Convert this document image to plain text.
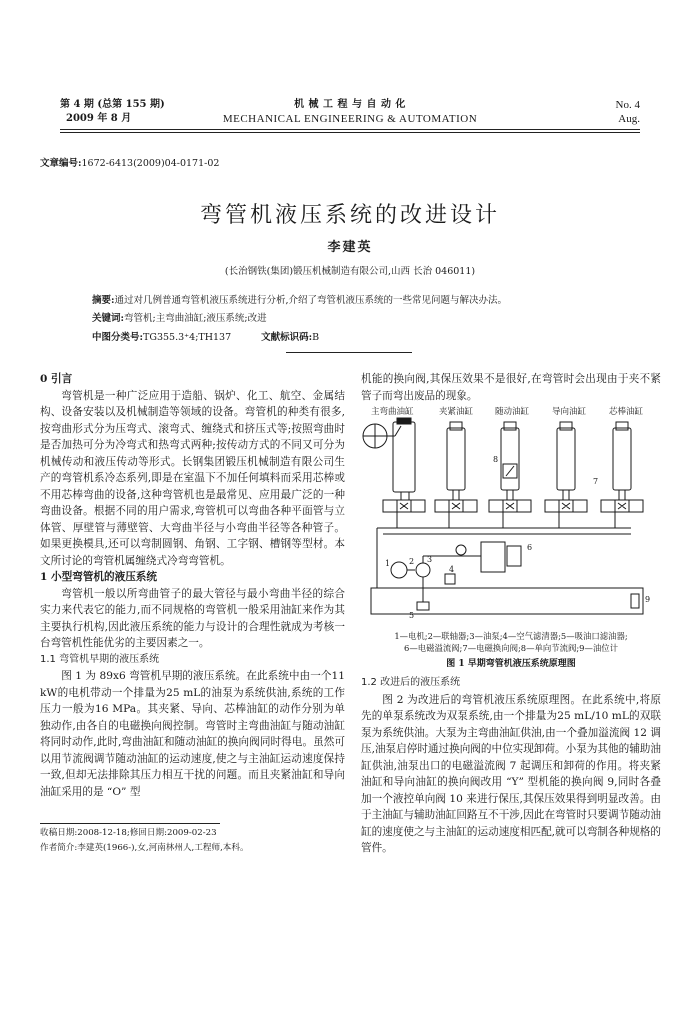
第 4 期 (总第 155 期)
2009 年 8 月
机 械 工 程 与 自 动 化
MECHANICAL ENGINEERING & AUTOMATION
No. 4
Aug.
文章编号:1672-6413(2009)04-0171-02
弯管机液压系统的改进设计
李建英
(长治钢铁(集团)锻压机械制造有限公司,山西 长治 046011)
摘要:通过对几例普通弯管机液压系统进行分析,介绍了弯管机液压系统的一些常见问题与解决办法。
关键词:弯管机;主弯曲油缸;液压系统;改进
中图分类号:TG355.3⁺4;TH137	文献标识码:B
0 引言

弯管机是一种广泛应用于造船、锅炉、化工、航空、金属结构、设备安装以及机械制造等领域的设备。弯管机的种类有很多,按弯曲形式分为压弯式、滚弯式、缠绕式和挤压式等;按照弯曲时是否加热可分为冷弯式和热弯式两种;按传动方式的不同又可分为机械传动和液压传动等形式。长钢集团锻压机械制造有限公司生产的弯管机系冷态系列,即是在室温下不加任何填料而采用芯棒或不用芯棒弯曲的设备,这种弯管机也是最常见、应用最广泛的一种弯曲设备。根据不同的用户需求,弯管机可以弯曲各种平面管与立体管、厚壁管与薄壁管、大弯曲半径与小弯曲半径等各种管子。如果更换模具,还可以弯制圆钢、角钢、工字钢、槽钢等型材。本文所讨论的弯管机属缠绕式冷弯弯管机。

1 小型弯管机的液压系统

弯管机一般以所弯曲管子的最大管径与最小弯曲半径的综合实力来代表它的能力,而不同规格的弯管机一般采用油缸来作为其主要执行机构,因此液压系统的能力与设计的合理性就成为考核一台弯管机性能优劣的主要因素之一。

1.1 弯管机早期的液压系统

图 1 为 89x6 弯管机早期的液压系统。在此系统中由一个11 kW的电机带动一个排量为25 mL的油泵为系统供油,系统的工作压力一般为16 MPa。其夹紧、导向、芯棒油缸的动作分别为单独动作,由各自的电磁换向阀控制。弯管时主弯曲油缸与随动油缸将同时动作,此时,弯曲油缸和随动油缸的换向阀同时得电。虽然可以用节流阀调节随动油缸的运动速度,使之与主油缸运动速度保持一致,但却无法排除其压力相互干扰的问题。而且夹紧油缸和导向油缸采用的是 “O” 型

机能的换向阀,其保压效果不是很好,在弯管时会出现由于夹不紧管子而弯出废品的现象。

主弯曲油缸	夹紧油缸	随动油缸	导向油缸	芯棒油缸
1 2 3
4
5
6
7
8
9
1—电机;2—联轴器;3—油泵;4—空气滤清器;5—吸油口滤油器;
6—电磁溢流阀;7—电磁换向阀;8—单向节流阀;9—油位计
图 1 早期弯管机液压系统原理图
1.2 改进后的液压系统

图 2 为改进后的弯管机液压系统原理图。在此系统中,将原先的单泵系统改为双泵系统,由一个排量为25 mL/10 mL的双联泵为系统供油。大泵为主弯曲油缸供油,由一个叠加溢流阀 12 调压,油泵启停时通过换向阀的中位实现卸荷。小泵为其他的辅助油缸供油,油泵出口的电磁溢流阀 7 起调压和卸荷的作用。将夹紧油缸和导向油缸的换向阀改用 “Y” 型机能的换向阀 9,同时各叠加一个液控单向阀 10 来进行保压,其保压效果得到明显改善。由于主油缸与辅助油缸回路互不干涉,因此在弯管时只要调节随动油缸的速度使之与主油缸的运动速度相匹配,就可以弯制各种规格的管件。

收稿日期:2008-12-18;修回日期:2009-02-23
作者简介:李建英(1966-),女,河南林州人,工程师,本科。
